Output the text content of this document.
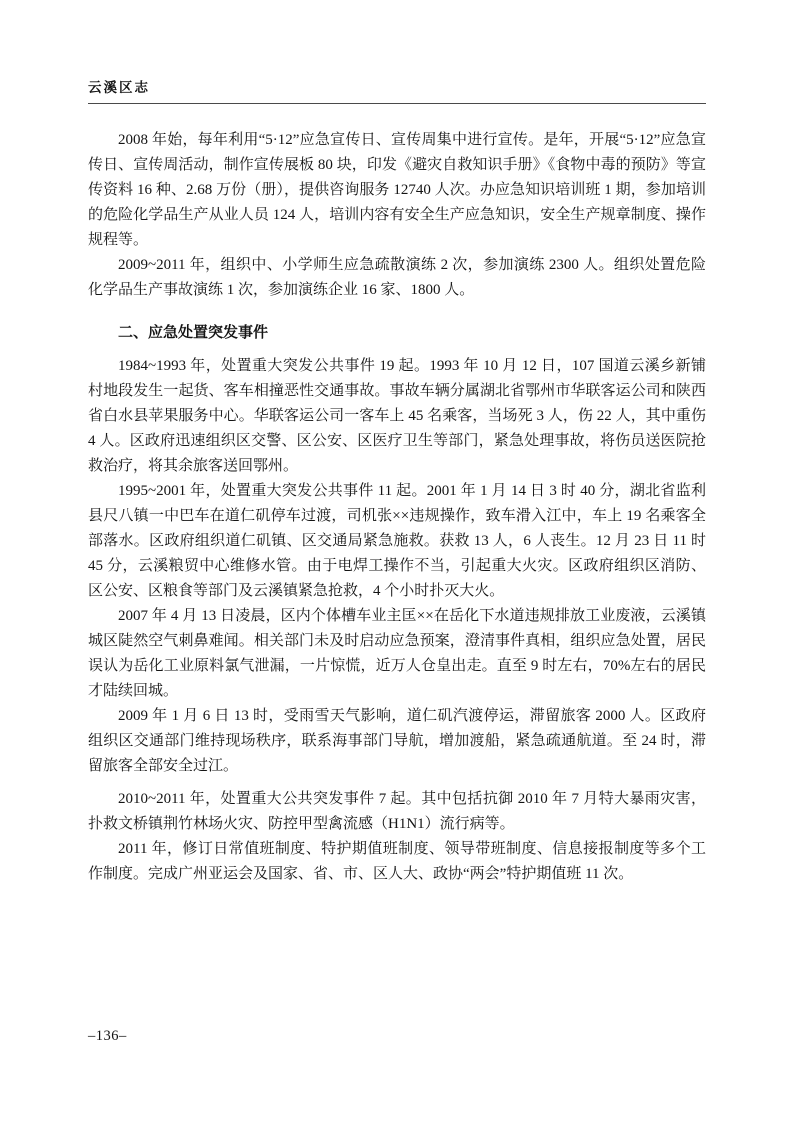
云溪区志

2008 年始，每年利用“5·12”应急宣传日、宣传周集中进行宣传。是年，开展“5·12”应急宣传日、宣传周活动，制作宣传展板 80 块，印发《避灾自救知识手册》《食物中毒的预防》等宣传资料 16 种、2.68 万份（册），提供咨询服务 12740 人次。办应急知识培训班 1 期，参加培训的危险化学品生产从业人员 124 人，培训内容有安全生产应急知识，安全生产规章制度、操作规程等。

2009~2011 年，组织中、小学师生应急疏散演练 2 次，参加演练 2300 人。组织处置危险化学品生产事故演练 1 次，参加演练企业 16 家、1800 人。

二、应急处置突发事件

1984~1993 年，处置重大突发公共事件 19 起。1993 年 10 月 12 日，107 国道云溪乡新铺村地段发生一起货、客车相撞恶性交通事故。事故车辆分属湖北省鄂州市华联客运公司和陕西省白水县苹果服务中心。华联客运公司一客车上 45 名乘客，当场死 3 人，伤 22 人，其中重伤 4 人。区政府迅速组织区交警、区公安、区医疗卫生等部门，紧急处理事故，将伤员送医院抢救治疗，将其余旅客送回鄂州。

1995~2001 年，处置重大突发公共事件 11 起。2001 年 1 月 14 日 3 时 40 分，湖北省监利县尺八镇一中巴车在道仁矶停车过渡，司机张××违规操作，致车滑入江中，车上 19 名乘客全部落水。区政府组织道仁矶镇、区交通局紧急施救。获救 13 人，6 人丧生。12 月 23 日 11 时 45 分，云溪粮贸中心维修水管。由于电焊工操作不当，引起重大火灾。区政府组织区消防、区公安、区粮食等部门及云溪镇紧急抢救，4 个小时扑灭大火。

2007 年 4 月 13 日凌晨，区内个体槽车业主匡××在岳化下水道违规排放工业废液，云溪镇城区陡然空气刺鼻难闻。相关部门未及时启动应急预案，澄清事件真相，组织应急处置，居民误认为岳化工业原料氯气泄漏，一片惊慌，近万人仓皇出走。直至 9 时左右，70%左右的居民才陆续回城。

2009 年 1 月 6 日 13 时，受雨雪天气影响，道仁矶汽渡停运，滞留旅客 2000 人。区政府组织区交通部门维持现场秩序，联系海事部门导航，增加渡船，紧急疏通航道。至 24 时，滞留旅客全部安全过江。

2010~2011 年，处置重大公共突发事件 7 起。其中包括抗御 2010 年 7 月特大暴雨灾害，扑救文桥镇荆竹林场火灾、防控甲型禽流感（H1N1）流行病等。

2011 年，修订日常值班制度、特护期值班制度、领导带班制度、信息接报制度等多个工作制度。完成广州亚运会及国家、省、市、区人大、政协“两会”特护期值班 11 次。

–136–
